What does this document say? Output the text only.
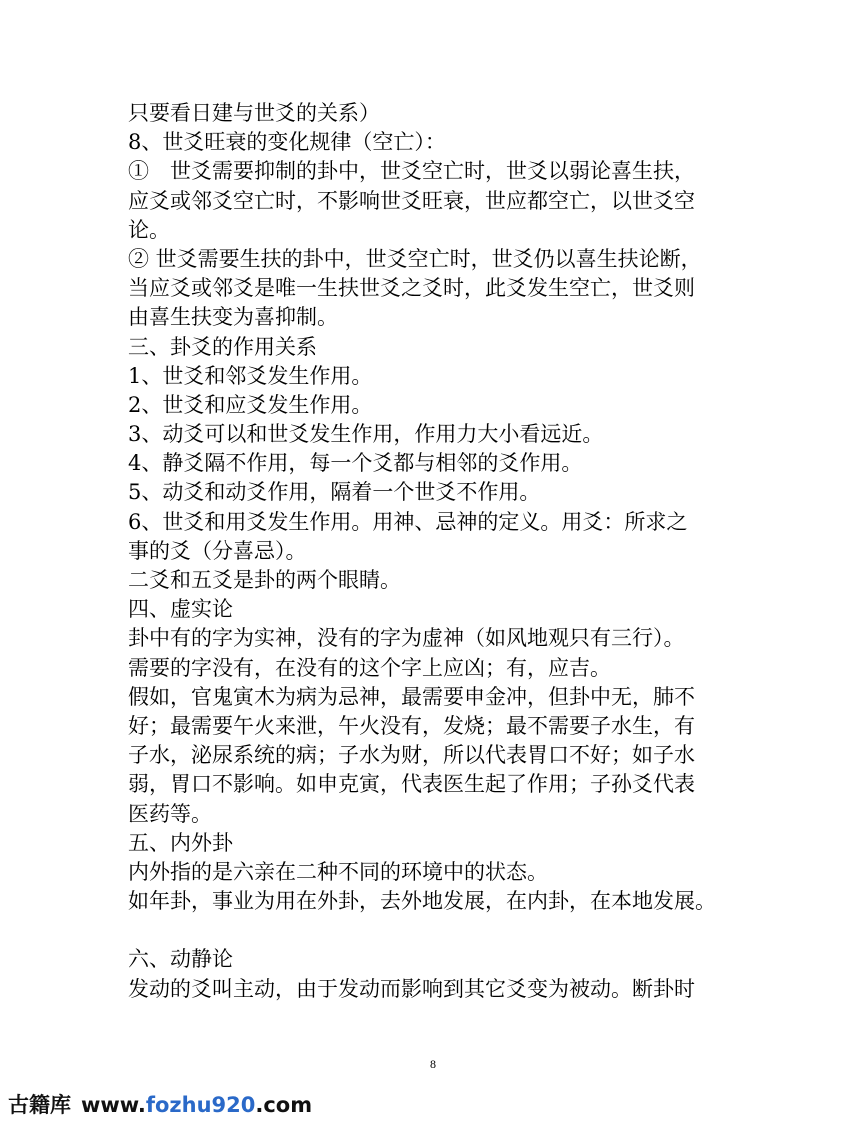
只要看日建与世爻的关系）
8、世爻旺衰的变化规律（空亡）：
①　世爻需要抑制的卦中，世爻空亡时，世爻以弱论喜生扶，
应爻或邻爻空亡时，不影响世爻旺衰，世应都空亡，以世爻空
论。
② 世爻需要生扶的卦中，世爻空亡时，世爻仍以喜生扶论断，
当应爻或邻爻是唯一生扶世爻之爻时，此爻发生空亡，世爻则
由喜生扶变为喜抑制。
三、卦爻的作用关系
1、世爻和邻爻发生作用。
2、世爻和应爻发生作用。
3、动爻可以和世爻发生作用，作用力大小看远近。
4、静爻隔不作用，每一个爻都与相邻的爻作用。
5、动爻和动爻作用，隔着一个世爻不作用。
6、世爻和用爻发生作用。用神、忌神的定义。用爻：所求之
事的爻（分喜忌）。
二爻和五爻是卦的两个眼睛。
四、虚实论
卦中有的字为实神，没有的字为虚神（如风地观只有三行）。
需要的字没有，在没有的这个字上应凶；有，应吉。
假如，官鬼寅木为病为忌神，最需要申金冲，但卦中无，肺不
好；最需要午火来泄，午火没有，发烧；最不需要子水生，有
子水，泌尿系统的病；子水为财，所以代表胃口不好；如子水
弱，胃口不影响。如申克寅，代表医生起了作用；子孙爻代表
医药等。
五、内外卦
内外指的是六亲在二种不同的环境中的状态。
如年卦，事业为用在外卦，去外地发展，在内卦，在本地发展。
六、动静论
发动的爻叫主动，由于发动而影响到其它爻变为被动。断卦时
8
古籍库 www.fozhu920.com
